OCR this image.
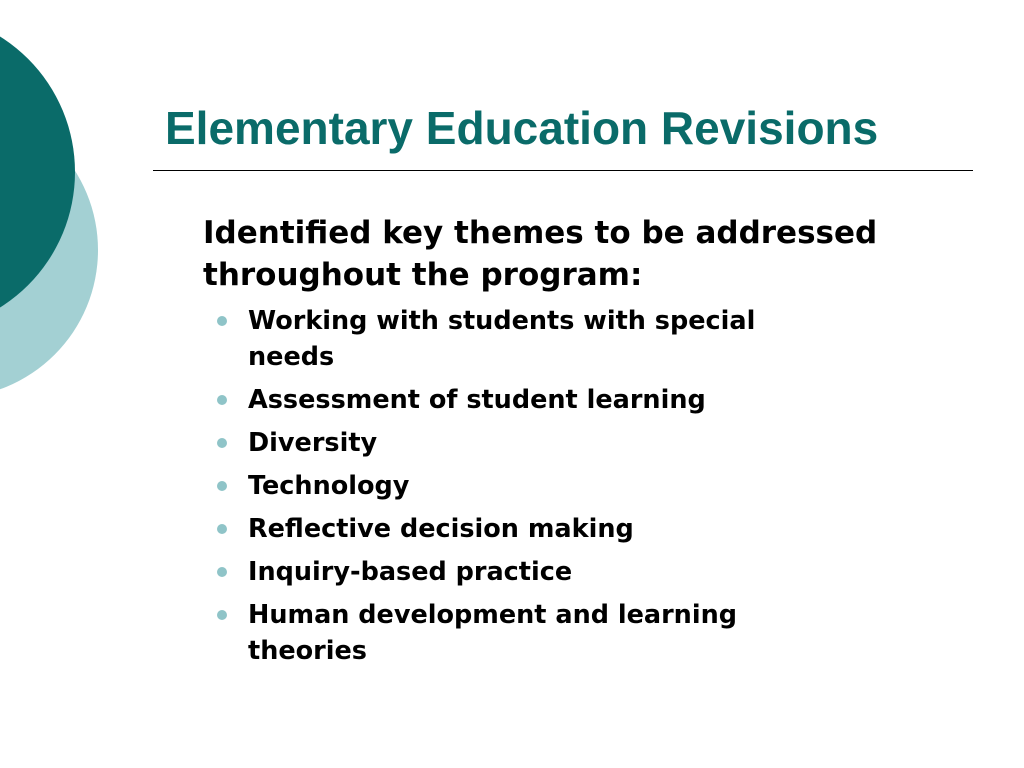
Elementary Education Revisions

Identified key themes to be addressed throughout the program:

Working with students with special needs
Assessment of student learning
Diversity
Technology
Reflective decision making
Inquiry-based practice
Human development and learning theories
